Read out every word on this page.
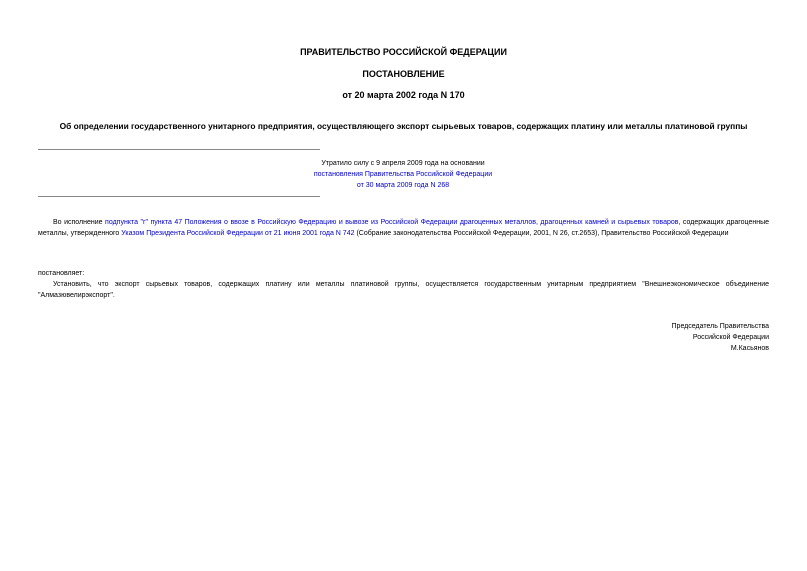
ПРАВИТЕЛЬСТВО РОССИЙСКОЙ ФЕДЕРАЦИИ
ПОСТАНОВЛЕНИЕ
от 20 марта 2002 года N 170
Об определении государственного унитарного предприятия, осуществляющего экспорт сырьевых товаров, содержащих платину или металлы платиновой группы
Утратило силу с 9 апреля 2009 года на основании
постановления Правительства Российской Федерации
от 30 марта 2009 года N 268
Во исполнение подпункта "г" пункта 47 Положения о ввозе в Российскую Федерацию и вывозе из Российской Федерации драгоценных металлов, драгоценных камней и сырьевых товаров, содержащих драгоценные металлы, утвержденного Указом Президента Российской Федерации от 21 июня 2001 года N 742 (Собрание законодательства Российской Федерации, 2001, N 26, ст.2653), Правительство Российской Федерации
постановляет:
Установить, что экспорт сырьевых товаров, содержащих платину или металлы платиновой группы, осуществляется государственным унитарным предприятием "Внешнеэкономическое объединение "Алмазювелирэкспорт".
Председатель Правительства
Российской Федерации
М.Касьянов
